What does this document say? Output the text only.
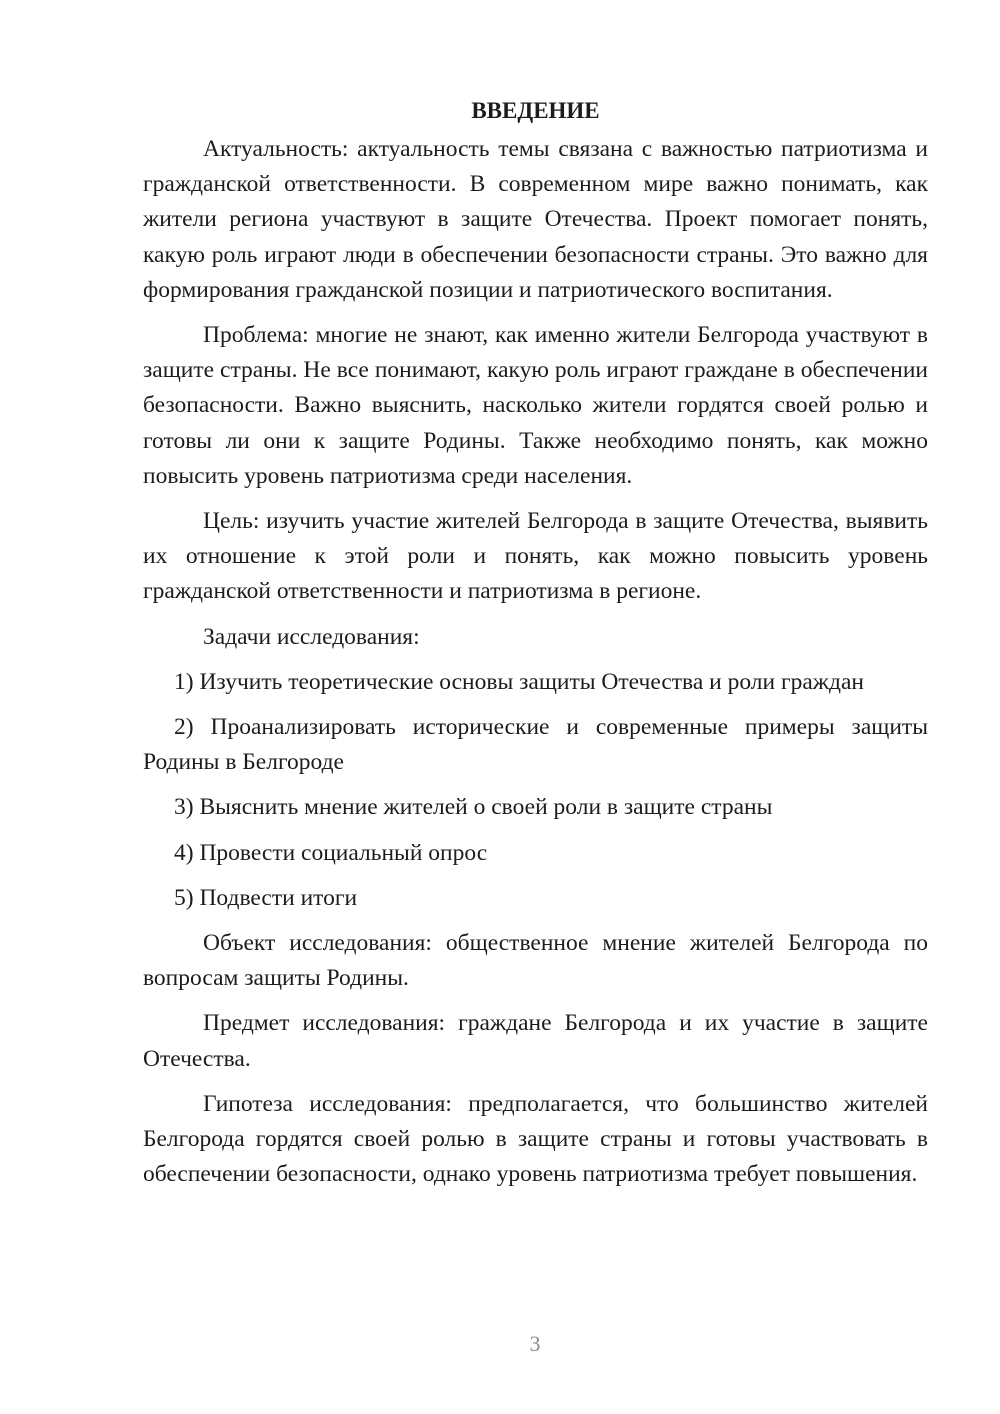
ВВЕДЕНИЕ

Актуальность: актуальность темы связана с важностью патриотизма и гражданской ответственности. В современном мире важно понимать, как жители региона участвуют в защите Отечества. Проект помогает понять, какую роль играют люди в обеспечении безопасности страны. Это важно для формирования гражданской позиции и патриотического воспитания.

Проблема: многие не знают, как именно жители Белгорода участвуют в защите страны. Не все понимают, какую роль играют граждане в обеспечении безопасности. Важно выяснить, насколько жители гордятся своей ролью и готовы ли они к защите Родины. Также необходимо понять, как можно повысить уровень патриотизма среди населения.

Цель: изучить участие жителей Белгорода в защите Отечества, выявить их отношение к этой роли и понять, как можно повысить уровень гражданской ответственности и патриотизма в регионе.

Задачи исследования:

1) Изучить теоретические основы защиты Отечества и роли граждан

2) Проанализировать исторические и современные примеры защиты Родины в Белгороде

3) Выяснить мнение жителей о своей роли в защите страны

4) Провести социальный опрос

5) Подвести итоги

Объект исследования: общественное мнение жителей Белгорода по вопросам защиты Родины.

Предмет исследования: граждане Белгорода и их участие в защите Отечества.

Гипотеза исследования: предполагается, что большинство жителей Белгорода гордятся своей ролью в защите страны и готовы участвовать в обеспечении безопасности, однако уровень патриотизма требует повышения.

3
